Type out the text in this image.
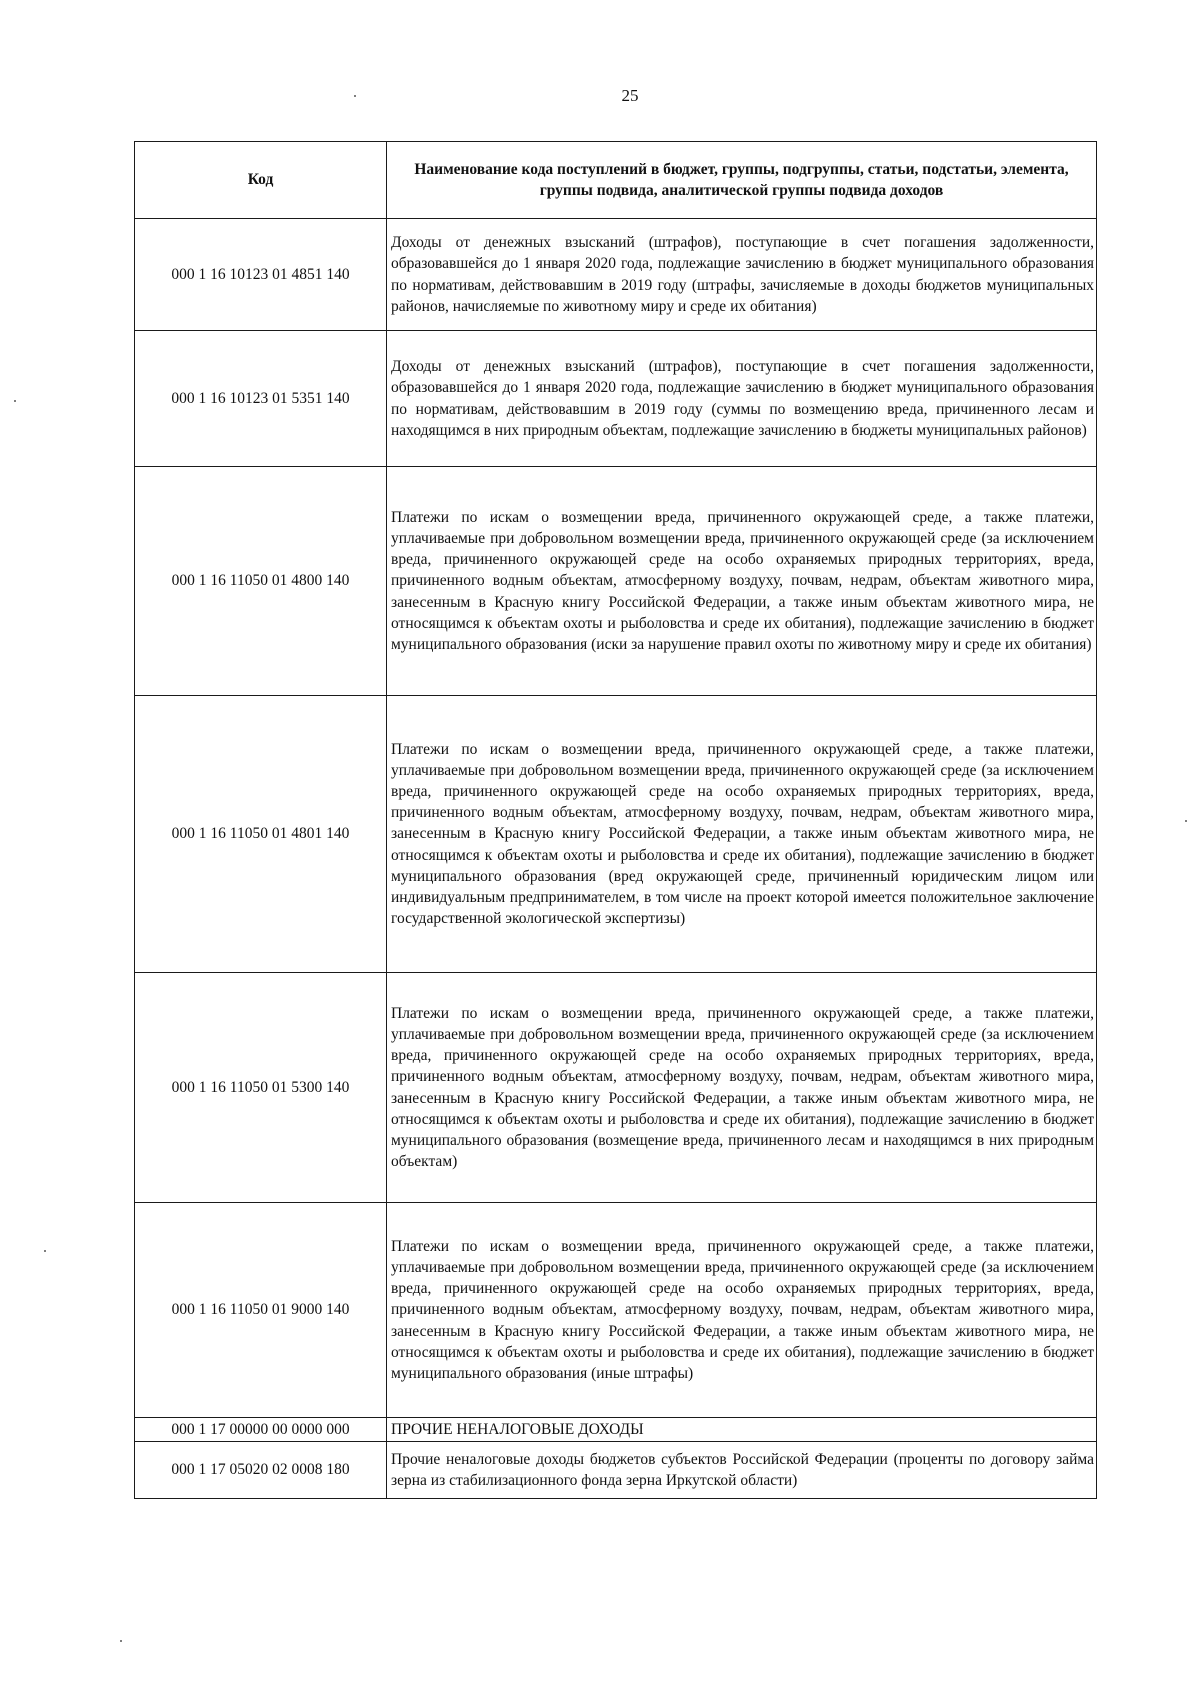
25
Код	Наименование кода поступлений в бюджет, группы, подгруппы, статьи, подстатьи, элемента, группы подвида, аналитической группы подвида доходов
000 1 16 10123 01 4851 140	Доходы от денежных взысканий (штрафов), поступающие в счет погашения задолженности, образовавшейся до 1 января 2020 года, подлежащие зачислению в бюджет муниципального образования по нормативам, действовавшим в 2019 году (штрафы, зачисляемые в доходы бюджетов муниципальных районов, начисляемые по животному миру и среде их обитания)
000 1 16 10123 01 5351 140	Доходы от денежных взысканий (штрафов), поступающие в счет погашения задолженности, образовавшейся до 1 января 2020 года, подлежащие зачислению в бюджет муниципального образования по нормативам, действовавшим в 2019 году (суммы по возмещению вреда, причиненного лесам и находящимся в них природным объектам, подлежащие зачислению в бюджеты муниципальных районов)
000 1 16 11050 01 4800 140	Платежи по искам о возмещении вреда, причиненного окружающей среде, а также платежи, уплачиваемые при добровольном возмещении вреда, причиненного окружающей среде (за исключением вреда, причиненного окружающей среде на особо охраняемых природных территориях, вреда, причиненного водным объектам, атмосферному воздуху, почвам, недрам, объектам животного мира, занесенным в Красную книгу Российской Федерации, а также иным объектам животного мира, не относящимся к объектам охоты и рыболовства и среде их обитания), подлежащие зачислению в бюджет муниципального образования (иски за нарушение правил охоты по животному миру и среде их обитания)
000 1 16 11050 01 4801 140	Платежи по искам о возмещении вреда, причиненного окружающей среде, а также платежи, уплачиваемые при добровольном возмещении вреда, причиненного окружающей среде (за исключением вреда, причиненного окружающей среде на особо охраняемых природных территориях, вреда, причиненного водным объектам, атмосферному воздуху, почвам, недрам, объектам животного мира, занесенным в Красную книгу Российской Федерации, а также иным объектам животного мира, не относящимся к объектам охоты и рыболовства и среде их обитания), подлежащие зачислению в бюджет муниципального образования (вред окружающей среде, причиненный юридическим лицом или индивидуальным предпринимателем, в том числе на проект которой имеется положительное заключение государственной экологической экспертизы)
000 1 16 11050 01 5300 140	Платежи по искам о возмещении вреда, причиненного окружающей среде, а также платежи, уплачиваемые при добровольном возмещении вреда, причиненного окружающей среде (за исключением вреда, причиненного окружающей среде на особо охраняемых природных территориях, вреда, причиненного водным объектам, атмосферному воздуху, почвам, недрам, объектам животного мира, занесенным в Красную книгу Российской Федерации, а также иным объектам животного мира, не относящимся к объектам охоты и рыболовства и среде их обитания), подлежащие зачислению в бюджет муниципального образования (возмещение вреда, причиненного лесам и находящимся в них природным объектам)
000 1 16 11050 01 9000 140	Платежи по искам о возмещении вреда, причиненного окружающей среде, а также платежи, уплачиваемые при добровольном возмещении вреда, причиненного окружающей среде (за исключением вреда, причиненного окружающей среде на особо охраняемых природных территориях, вреда, причиненного водным объектам, атмосферному воздуху, почвам, недрам, объектам животного мира, занесенным в Красную книгу Российской Федерации, а также иным объектам животного мира, не относящимся к объектам охоты и рыболовства и среде их обитания), подлежащие зачислению в бюджет муниципального образования (иные штрафы)
000 1 17 00000 00 0000 000	ПРОЧИЕ НЕНАЛОГОВЫЕ ДОХОДЫ
000 1 17 05020 02 0008 180	Прочие неналоговые доходы бюджетов субъектов Российской Федерации (проценты по договору займа зерна из стабилизационного фонда зерна Иркутской области)
